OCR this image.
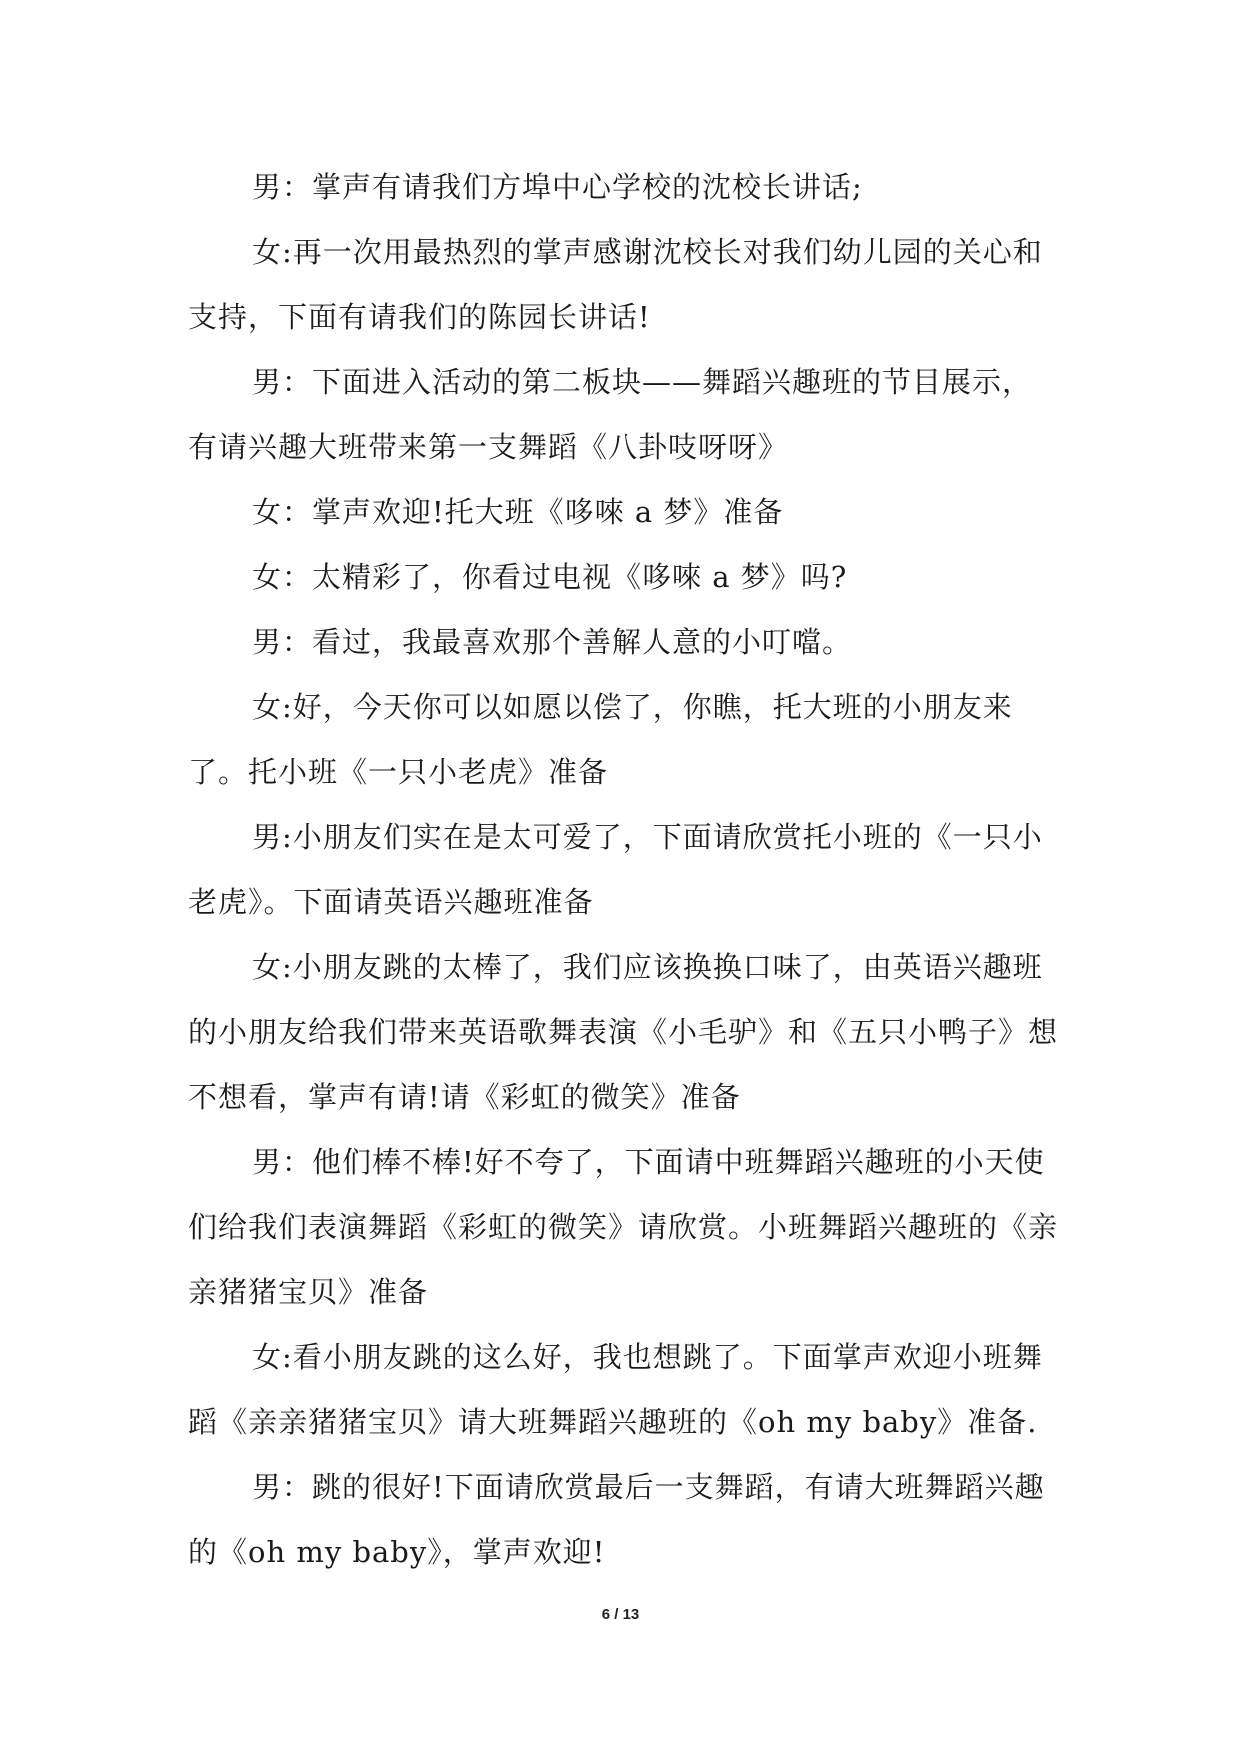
男：掌声有请我们方埠中心学校的沈校长讲话;

女:再一次用最热烈的掌声感谢沈校长对我们幼儿园的关心和支持，下面有请我们的陈园长讲话!

男：下面进入活动的第二板块——舞蹈兴趣班的节目展示，有请兴趣大班带来第一支舞蹈《八卦吱呀呀》

女：掌声欢迎!托大班《哆唻 a 梦》准备

女：太精彩了，你看过电视《哆唻 a 梦》吗?

男：看过，我最喜欢那个善解人意的小叮噹。

女:好，今天你可以如愿以偿了，你瞧，托大班的小朋友来了。托小班《一只小老虎》准备

男:小朋友们实在是太可爱了，下面请欣赏托小班的《一只小老虎》。下面请英语兴趣班准备

女:小朋友跳的太棒了，我们应该换换口味了，由英语兴趣班的小朋友给我们带来英语歌舞表演《小毛驴》和《五只小鸭子》想不想看，掌声有请!请《彩虹的微笑》准备

男：他们棒不棒!好不夸了，下面请中班舞蹈兴趣班的小天使们给我们表演舞蹈《彩虹的微笑》请欣赏。小班舞蹈兴趣班的《亲亲猪猪宝贝》准备

女:看小朋友跳的这么好，我也想跳了。下面掌声欢迎小班舞蹈《亲亲猪猪宝贝》请大班舞蹈兴趣班的《oh my baby》准备.

男：跳的很好!下面请欣赏最后一支舞蹈，有请大班舞蹈兴趣的《oh my baby》，掌声欢迎!

6 / 13
